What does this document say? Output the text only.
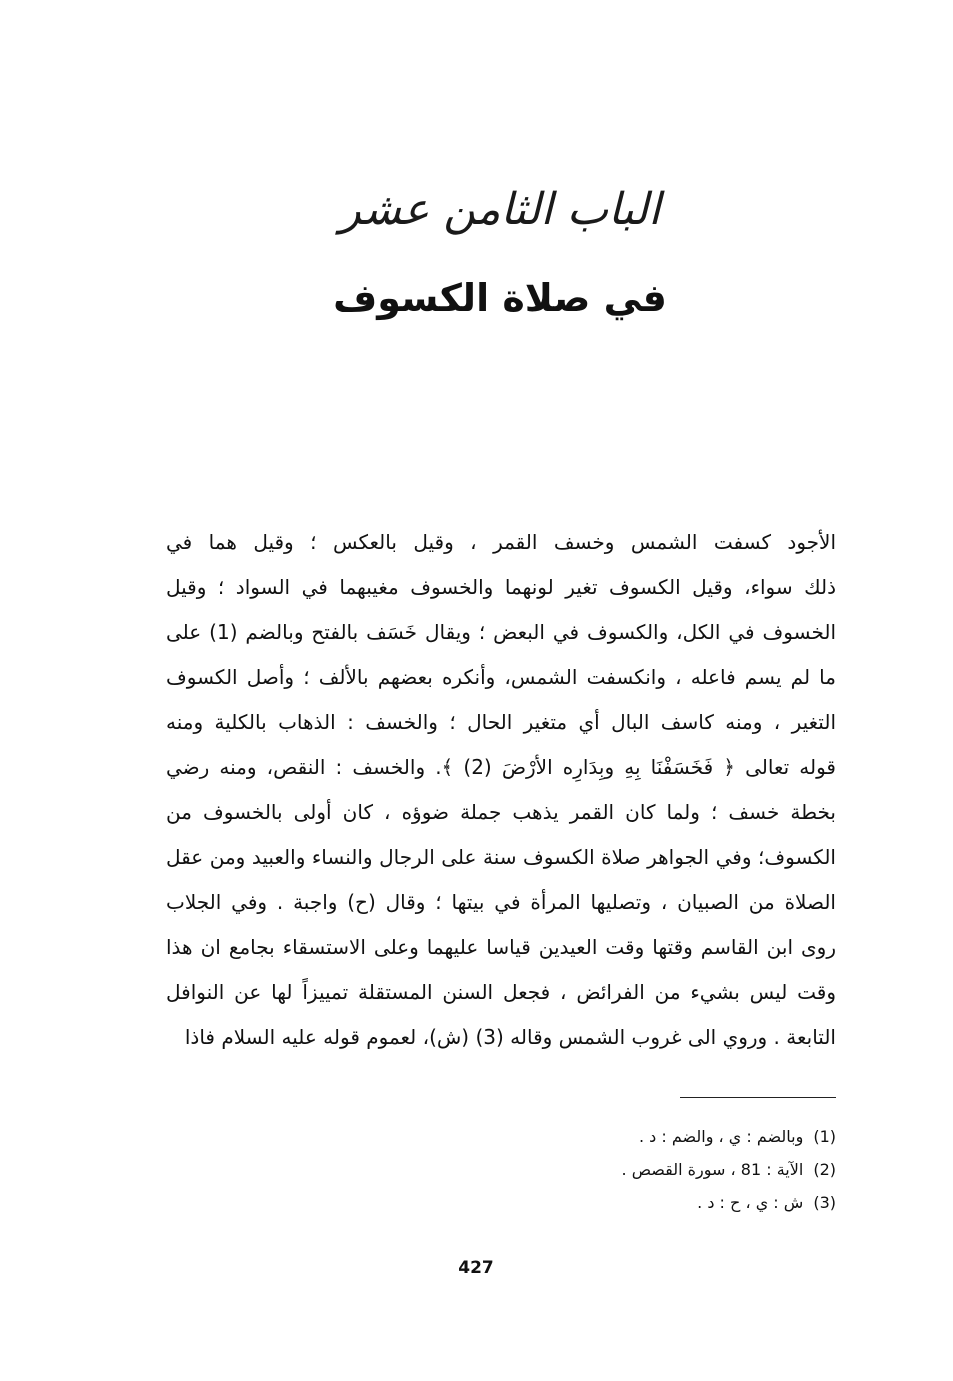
الباب الثامن عشر
في صلاة الكسوف
الأجود كسفت الشمس وخسف القمر ، وقيل بالعكس ؛ وقيل هما في
ذلك سواء، وقيل الكسوف تغير لونهما والخسوف مغيبهما في السواد ؛ وقيل
الخسوف في الكل، والكسوف في البعض ؛ ويقال خَسَف بالفتح وبالضم (1) على
ما لم يسم فاعله ، وانكسفت الشمس، وأنكره بعضهم بالألف ؛ وأصل الكسوف
التغير ، ومنه كاسف البال أي متغير الحال ؛ والخسف : الذهاب بالكلية ومنه
قوله تعالى ﴿ فَخَسَفْنَا بِهِ وبِدَارِه الأرْضَ (2) ﴾. والخسف : النقص، ومنه رضي
بخطة خسف ؛ ولما كان القمر يذهب جملة ضوؤه ، كان أولى بالخسوف من
الكسوف؛ وفي الجواهر صلاة الكسوف سنة على الرجال والنساء والعبيد ومن عقل
الصلاة من الصبيان ، وتصليها المرأة في بيتها ؛ وقال (ح) واجبة . وفي الجلاب
روى ابن القاسم وقتها وقت العيدين قياسا عليهما وعلى الاستسقاء بجامع ان هذا
وقت ليس بشيء من الفرائض ، فجعل السنن المستقلة تمييزاً لها عن النوافل
التابعة . وروي الى غروب الشمس وقاله (3) (ش)، لعموم قوله عليه السلام فاذا
(1)وبالضم : ي ، والضم : د .
(2)الآية : 81 ، سورة القصص .
(3)ش : ي ، ح : د .
427
